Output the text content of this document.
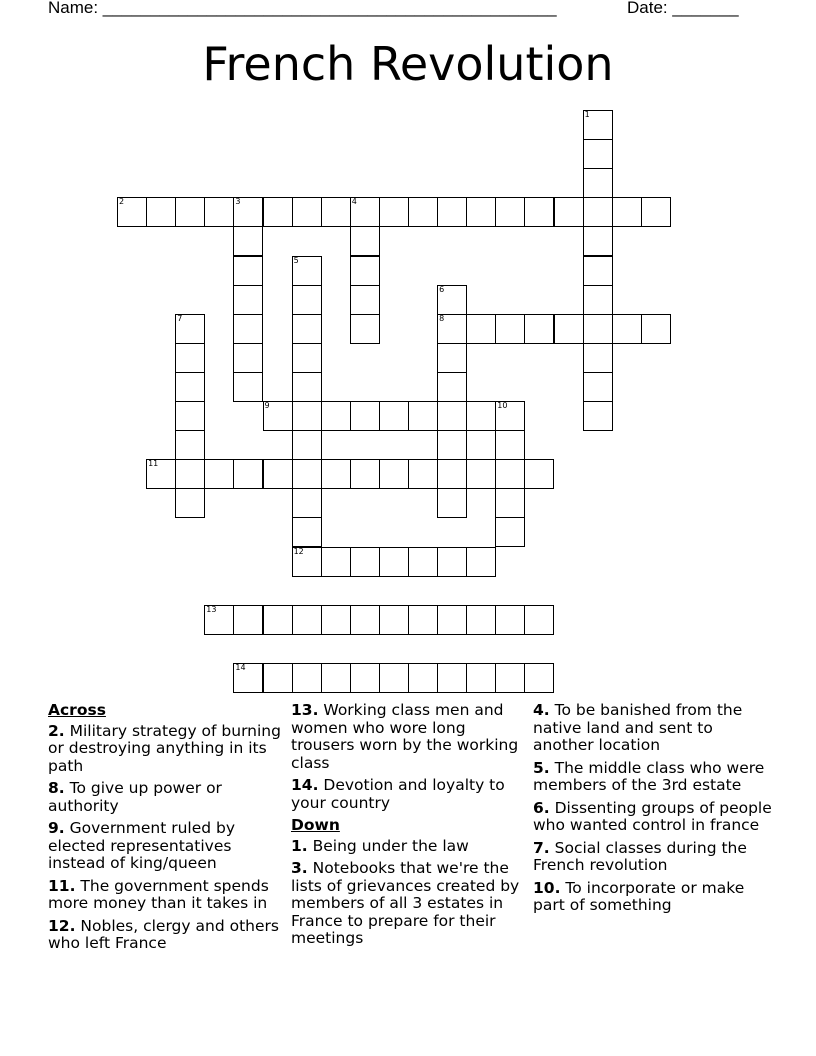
Name: ________________________________________________	Date: _______
French Revolution
1
2	3	4
5
6
8
7
9	10
11
12
13
14
Across
2. Military strategy of burning or destroying anything in its path
8. To give up power or authority
9. Government ruled by elected representatives instead of king/queen
11. The government spends more money than it takes in
12. Nobles, clergy and others who left France
13. Working class men and women who wore long trousers worn by the working class
14. Devotion and loyalty to your country
Down
1. Being under the law
3. Notebooks that we're the lists of grievances created by members of all 3 estates in France to prepare for their meetings
4. To be banished from the native land and sent to another location
5. The middle class who were members of the 3rd estate
6. Dissenting groups of people who wanted control in france
7. Social classes during the French revolution
10. To incorporate or make part of something
